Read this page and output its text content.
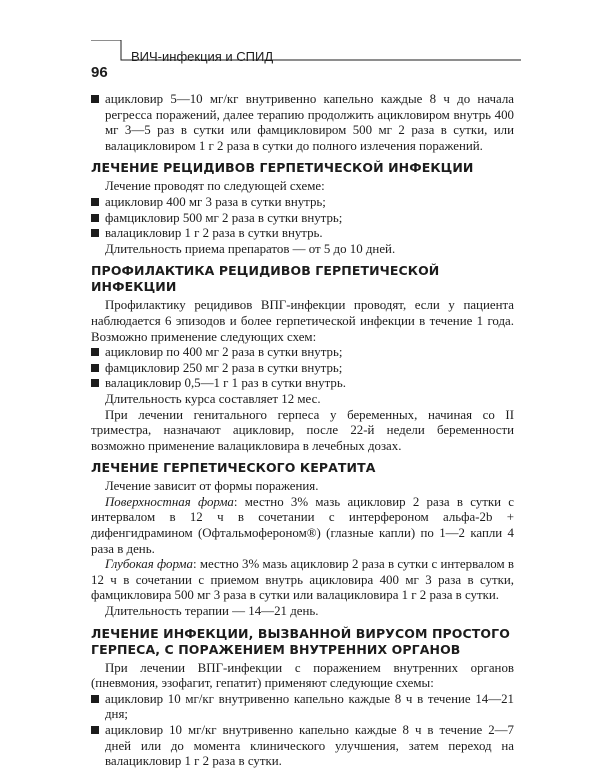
96
ВИЧ-инфекция и СПИД
ацикловир 5—10 мг/кг внутривенно капельно каждые 8 ч до начала регресса поражений, далее терапию продолжить ацикловиром внутрь 400 мг 3—5 раз в сутки или фамцикловиром 500 мг 2 раза в сутки, или валацикловиром 1 г 2 раза в сутки до полного излечения поражений.
ЛЕЧЕНИЕ РЕЦИДИВОВ ГЕРПЕТИЧЕСКОЙ ИНФЕКЦИИ

Лечение проводят по следующей схеме:

ацикловир 400 мг 3 раза в сутки внутрь;
фамцикловир 500 мг 2 раза в сутки внутрь;
валацикловир 1 г 2 раза в сутки внутрь.

Длительность приема препаратов — от 5 до 10 дней.

ПРОФИЛАКТИКА РЕЦИДИВОВ ГЕРПЕТИЧЕСКОЙ ИНФЕКЦИИ

Профилактику рецидивов ВПГ-инфекции проводят, если у пациента наблюдается 6 эпизодов и более герпетической инфекции в течение 1 года. Возможно применение следующих схем:

ацикловир по 400 мг 2 раза в сутки внутрь;
фамцикловир 250 мг 2 раза в сутки внутрь;
валацикловир 0,5—1 г 1 раз в сутки внутрь.

Длительность курса составляет 12 мес.

При лечении генитального герпеса у беременных, начиная со II триместра, назначают ацикловир, после 22-й недели беременности возможно применение валацикловира в лечебных дозах.

ЛЕЧЕНИЕ ГЕРПЕТИЧЕСКОГО КЕРАТИТА

Лечение зависит от формы поражения.

Поверхностная форма: местно 3% мазь ацикловир 2 раза в сутки с интервалом в 12 ч в сочетании с интерфероном альфа-2b + дифенгидрамином (Офтальмофероном®) (глазные капли) по 1—2 капли 4 раза в день.

Глубокая форма: местно 3% мазь ацикловир 2 раза в сутки с интервалом в 12 ч в сочетании с приемом внутрь ацикловира 400 мг 3 раза в сутки, фамцикловира 500 мг 3 раза в сутки или валацикловира 1 г 2 раза в сутки.

Длительность терапии — 14—21 день.

ЛЕЧЕНИЕ ИНФЕКЦИИ, ВЫЗВАННОЙ ВИРУСОМ ПРОСТОГО ГЕРПЕСА, С ПОРАЖЕНИЕМ ВНУТРЕННИХ ОРГАНОВ

При лечении ВПГ-инфекции с поражением внутренних органов (пневмония, эзофагит, гепатит) применяют следующие схемы:

ацикловир 10 мг/кг внутривенно капельно каждые 8 ч в течение 14—21 дня;
ацикловир 10 мг/кг внутривенно капельно каждые 8 ч в течение 2—7 дней или до момента клинического улучшения, затем переход на валацикловир 1 г 2 раза в сутки.
